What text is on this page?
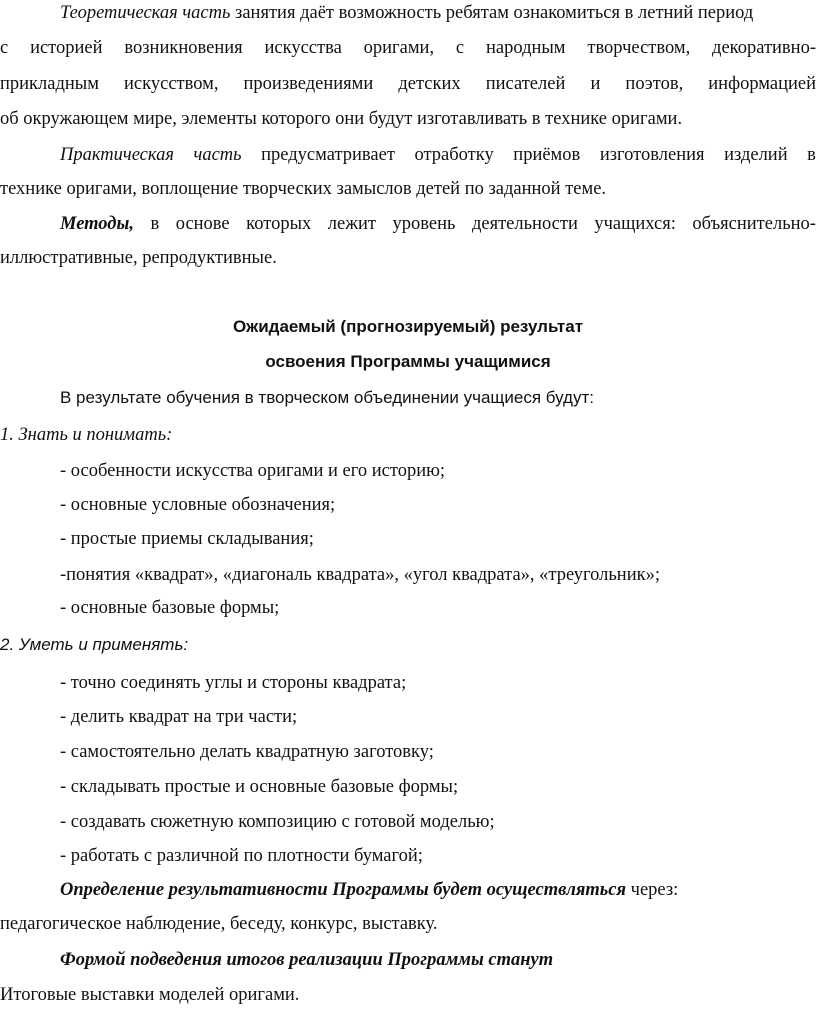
Теоретическая часть занятия даёт возможность ребятам ознакомиться в летний период
с историей возникновения искусства оригами, с народным творчеством, декоративно-
прикладным искусством, произведениями детских писателей и поэтов, информацией
об окружающем мире, элементы которого они будут изготавливать в технике оригами.
Практическая часть предусматривает отработку приёмов изготовления изделий в
технике оригами, воплощение творческих замыслов детей по заданной теме.
Методы, в основе которых лежит уровень деятельности учащихся: объяснительно-
иллюстративные, репродуктивные.
Ожидаемый (прогнозируемый) результат
освоения Программы учащимися
В результате обучения в творческом объединении учащиеся будут:
1. Знать и понимать:
- особенности искусства оригами и его историю;
- основные условные обозначения;
- простые приемы складывания;
-понятия «квадрат», «диагональ квадрата», «угол квадрата», «треугольник»;
- основные базовые формы;
2. Уметь и применять:
- точно соединять углы и стороны квадрата;
- делить квадрат на три части;
- самостоятельно делать квадратную заготовку;
- складывать простые и основные базовые формы;
- создавать сюжетную композицию с готовой моделью;
- работать с различной по плотности бумагой;
Определение результативности Программы будет осуществляться через:
педагогическое наблюдение, беседу, конкурс, выставку.
Формой подведения итогов реализации Программы станут
Итоговые выставки моделей оригами.
